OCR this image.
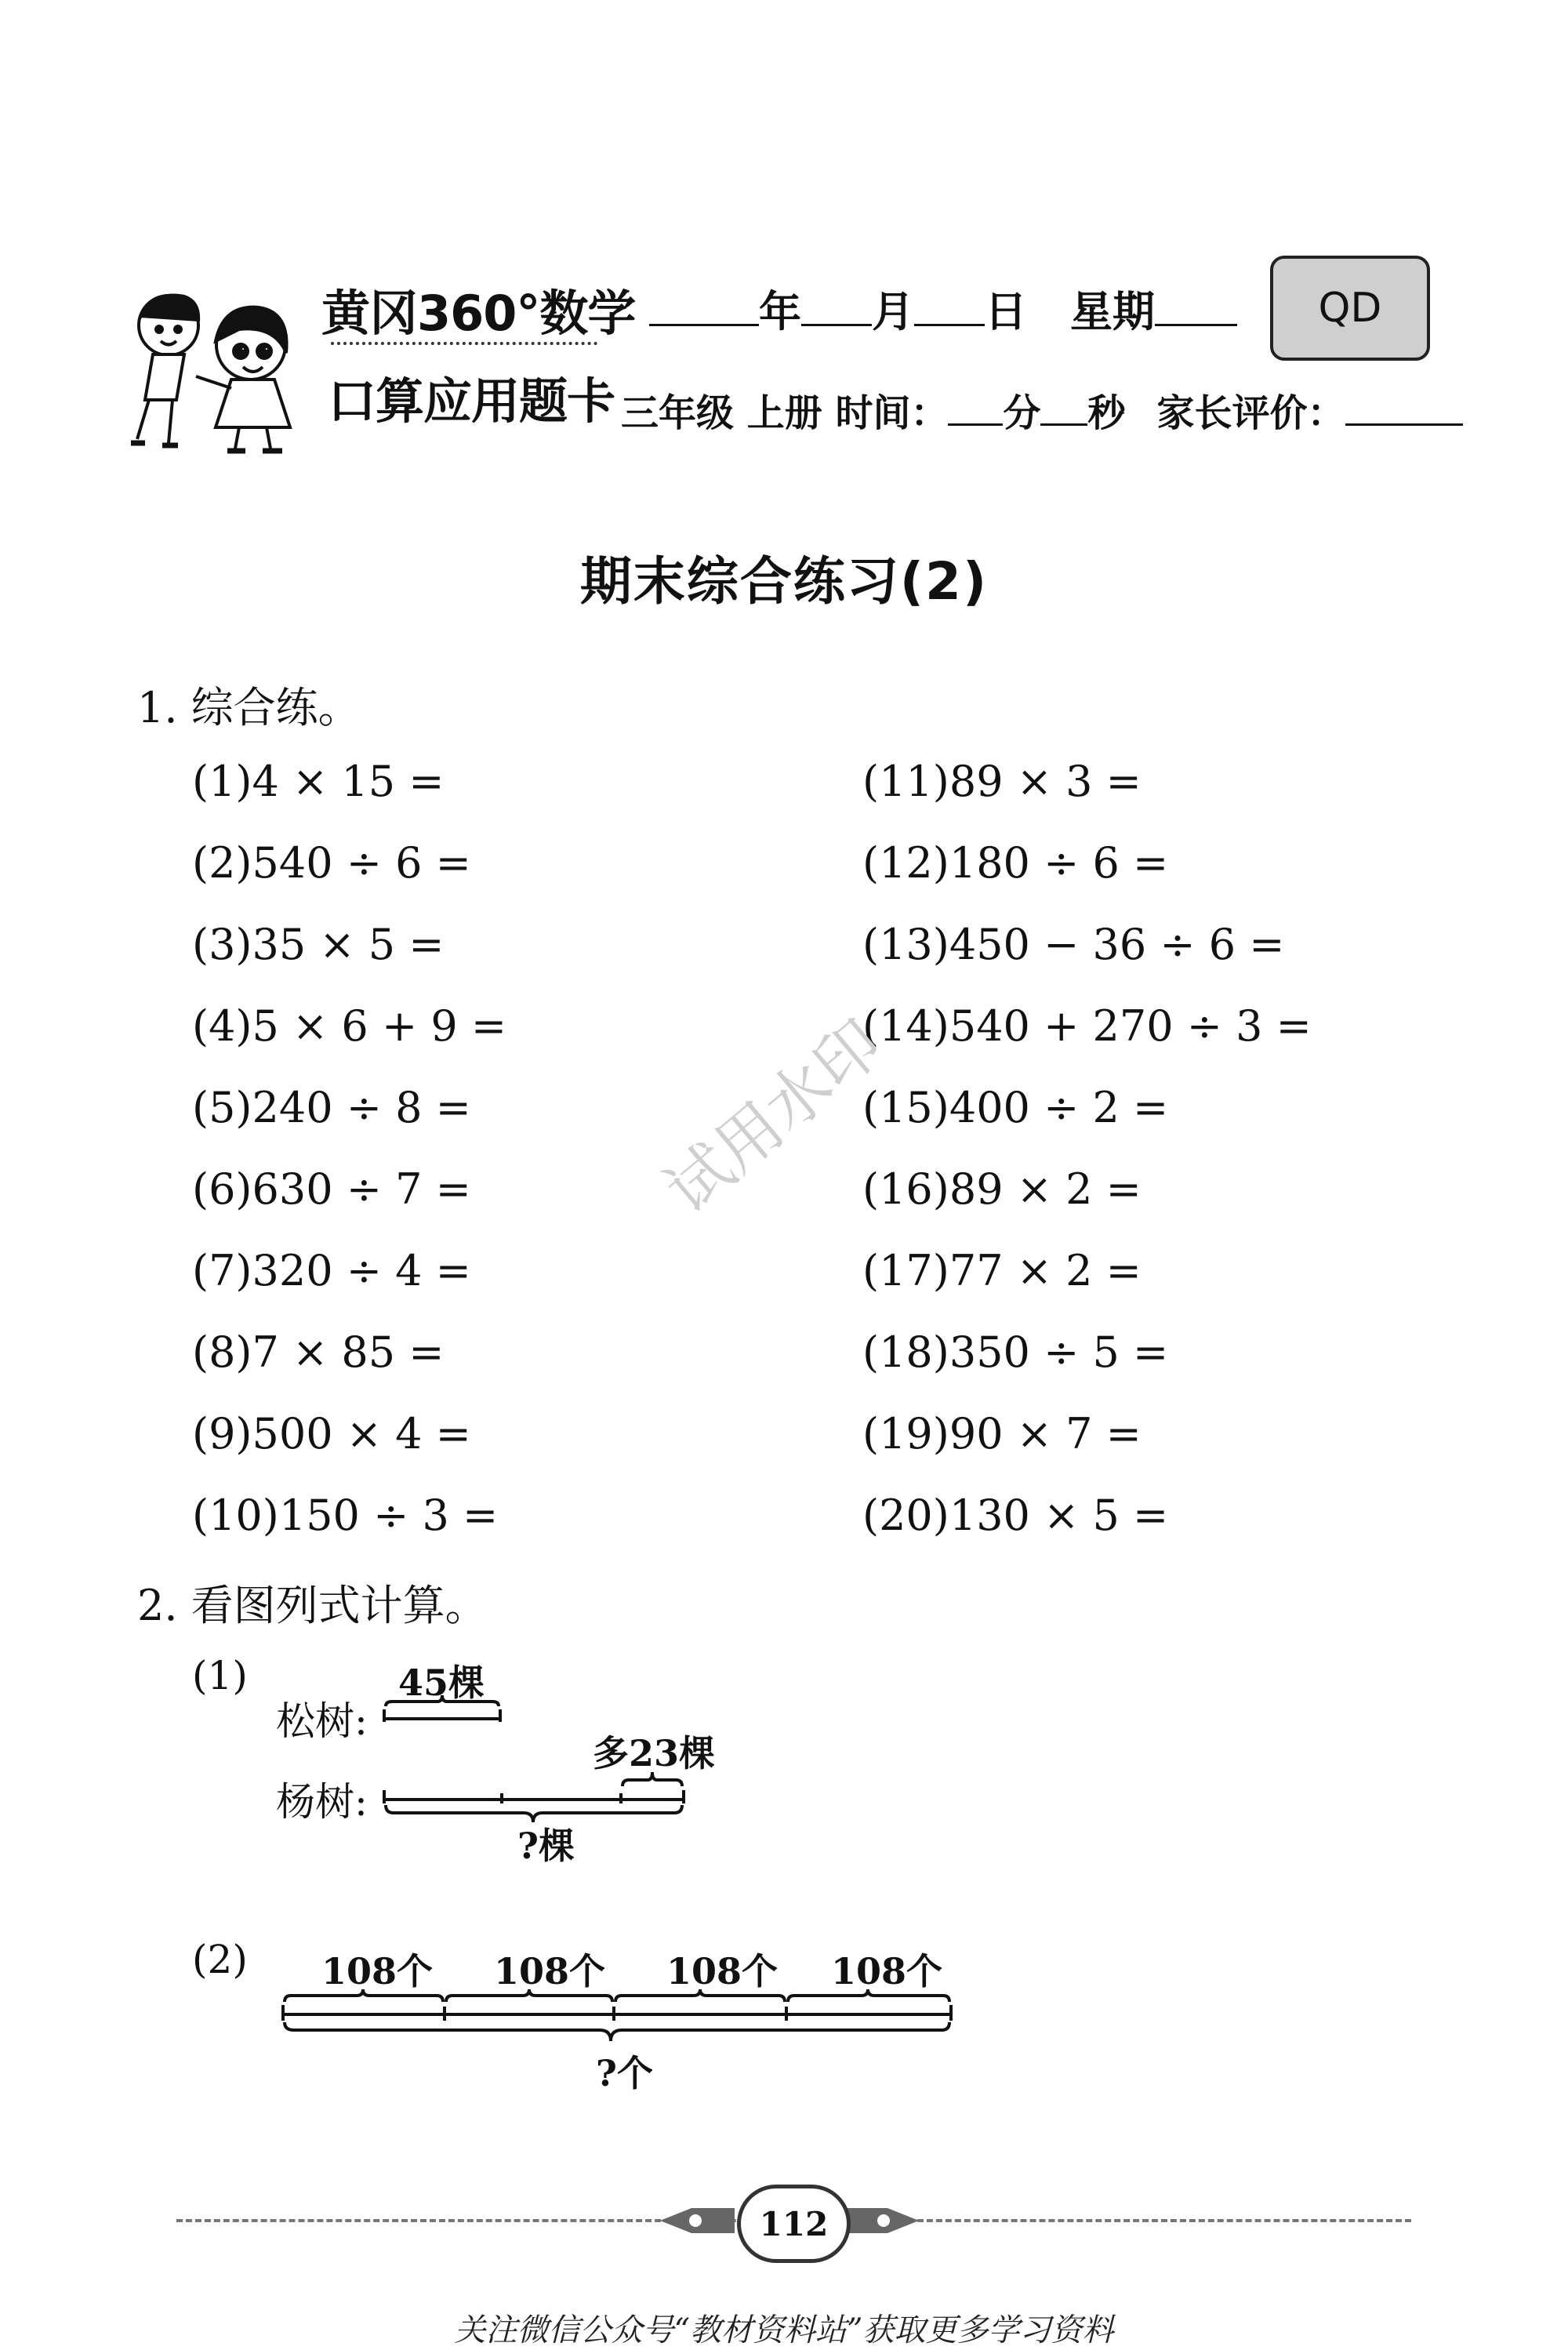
黄冈360°数学
口算应用题卡
年 月 日 星期	QD
三年级 上册 时间： 分 秒 家长评价：
期末综合练习(2)
1. 综合练。
(1)4 × 15 =
(2)540 ÷ 6 =
(3)35 × 5 =
(4)5 × 6 + 9 =
(5)240 ÷ 8 =
(6)630 ÷ 7 =
(7)320 ÷ 4 =
(8)7 × 85 =
(9)500 × 4 =
(10)150 ÷ 3 =
(11)89 × 3 =
(12)180 ÷ 6 =
(13)450 − 36 ÷ 6 =
(14)540 + 270 ÷ 3 =
(15)400 ÷ 2 =
(16)89 × 2 =
(17)77 × 2 =
(18)350 ÷ 5 =
(19)90 × 7 =
(20)130 × 5 =
试用水印
2. 看图列式计算。
(1)	45棵
松树:
多23棵
杨树:
?棵
(2) 108个 108个 108个 108个
?个
112
关注微信公众号“教材资料站”获取更多学习资料
